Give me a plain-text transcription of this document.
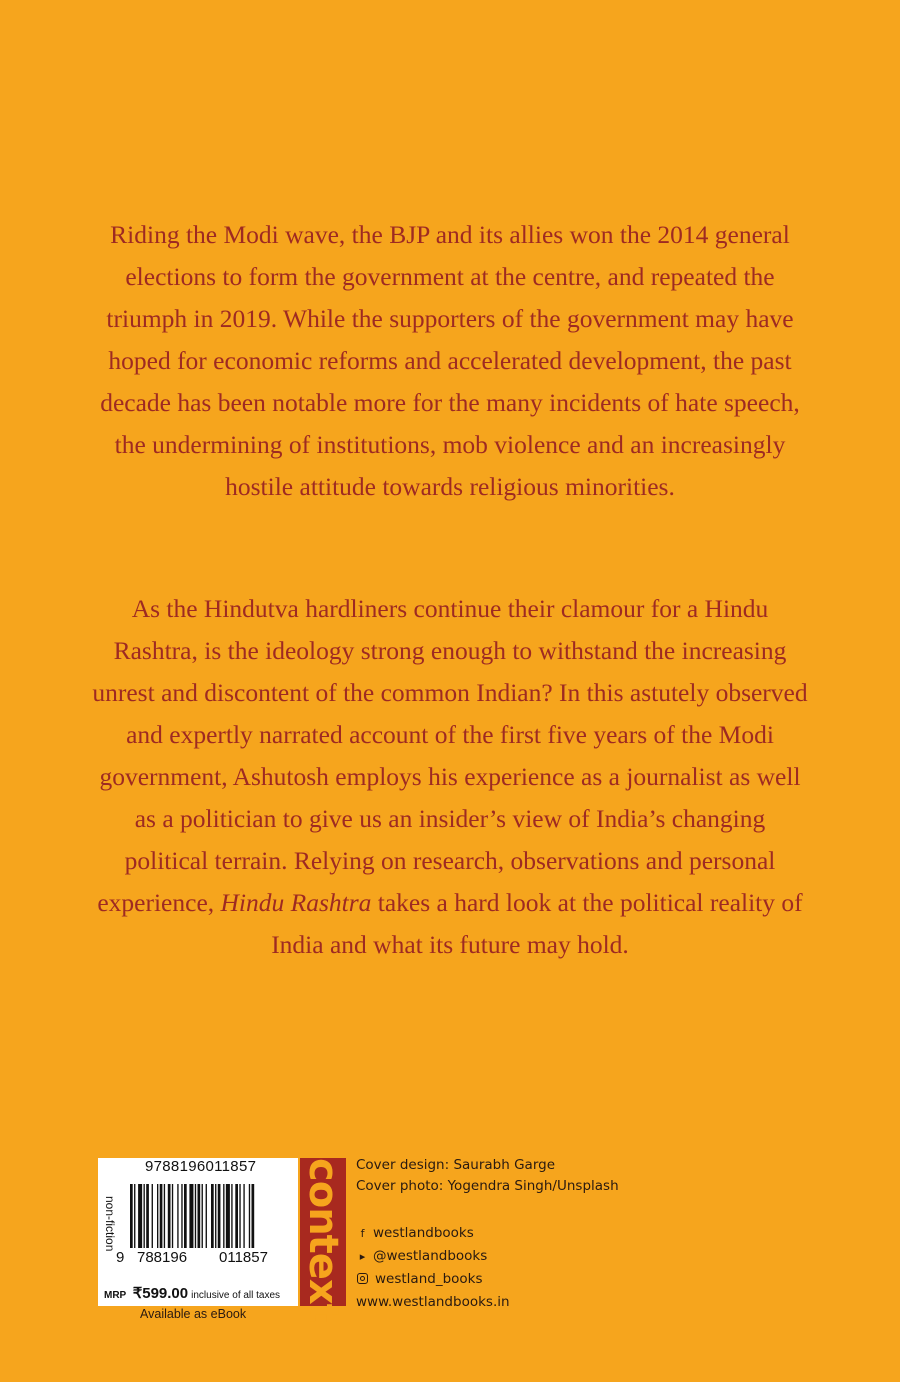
Riding the Modi wave, the BJP and its allies won the 2014 general elections to form the government at the centre, and repeated the triumph in 2019. While the supporters of the government may have hoped for economic reforms and accelerated development, the past decade has been notable more for the many incidents of hate speech, the undermining of institutions, mob violence and an increasingly hostile attitude towards religious minorities.

As the Hindutva hardliners continue their clamour for a Hindu Rashtra, is the ideology strong enough to withstand the increasing unrest and discontent of the common Indian? In this astutely observed and expertly narrated account of the first five years of the Modi government, Ashutosh employs his experience as a journalist as well as a politician to give us an insider’s view of India’s changing political terrain. Relying on research, observations and personal experience, Hindu Rashtra takes a hard look at the political reality of India and what its future may hold.

9788196011857
9 788196 011857
non-fiction
MRP ₹599.00 inclusive of all taxes
Available as eBook context Cover design: Saurabh Garge
Cover photo: Yogendra Singh/Unsplash
f westlandbooks
▸ @westlandbooks
westland_books
www.westlandbooks.in
